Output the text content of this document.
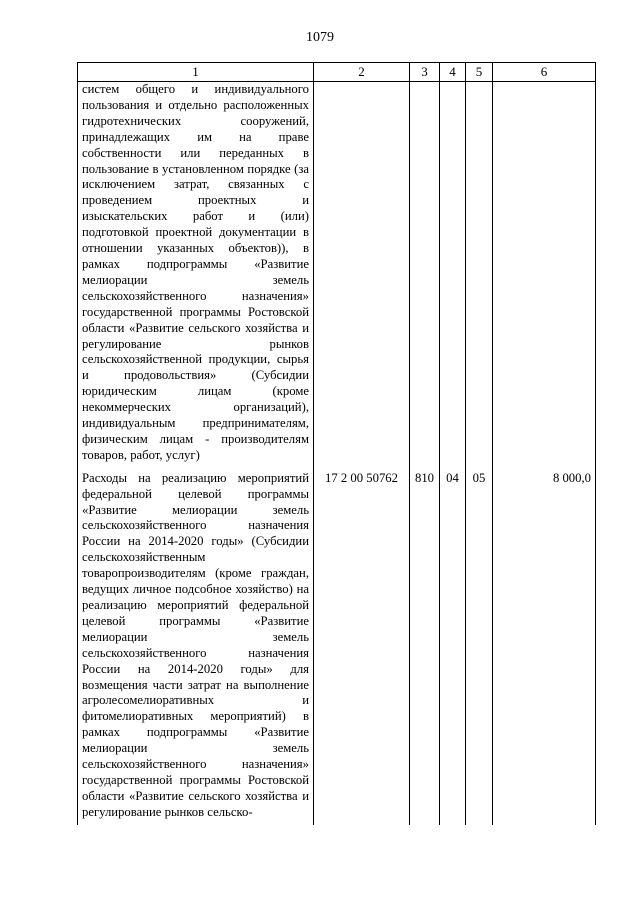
1079
1	2	3	4	5	6
систем общего и индивидуального пользования и отдельно расположенных гидротехнических сооружений, принадлежащих им на праве собственности или переданных в пользование в установленном порядке (за исключением затрат, связанных с проведением проектных и изыскательских работ и (или) подготовкой проектной документации в отношении указанных объектов)), в рамках подпрограммы «Развитие мелиорации земель сельскохозяйственного назначения» государственной программы Ростовской области «Развитие сельского хозяйства и регулирование рынков сельскохозяйственной продукции, сырья и продовольствия» (Субсидии юридическим лицам (кроме некоммерческих организаций), индивидуальным предпринимателям, физическим лицам - производителям товаров, работ, услуг)					
Расходы на реализацию мероприятий федеральной целевой программы «Развитие мелиорации земель сельскохозяйственного назначения России на 2014-2020 годы» (Субсидии сельскохозяйственным товаропроизводителям (кроме граждан, ведущих личное подсобное хозяйство) на реализацию мероприятий федеральной целевой программы «Развитие мелиорации земель сельскохозяйственного назначения России на 2014-2020 годы» для возмещения части затрат на выполнение агролесомелиоративных и фитомелиоративных мероприятий) в рамках подпрограммы «Развитие мелиорации земель сельскохозяйственного назначения» государственной программы Ростовской области «Развитие сельского хозяйства и регулирование рынков сельско-	17 2 00 50762	810	04	05	8 000,0
